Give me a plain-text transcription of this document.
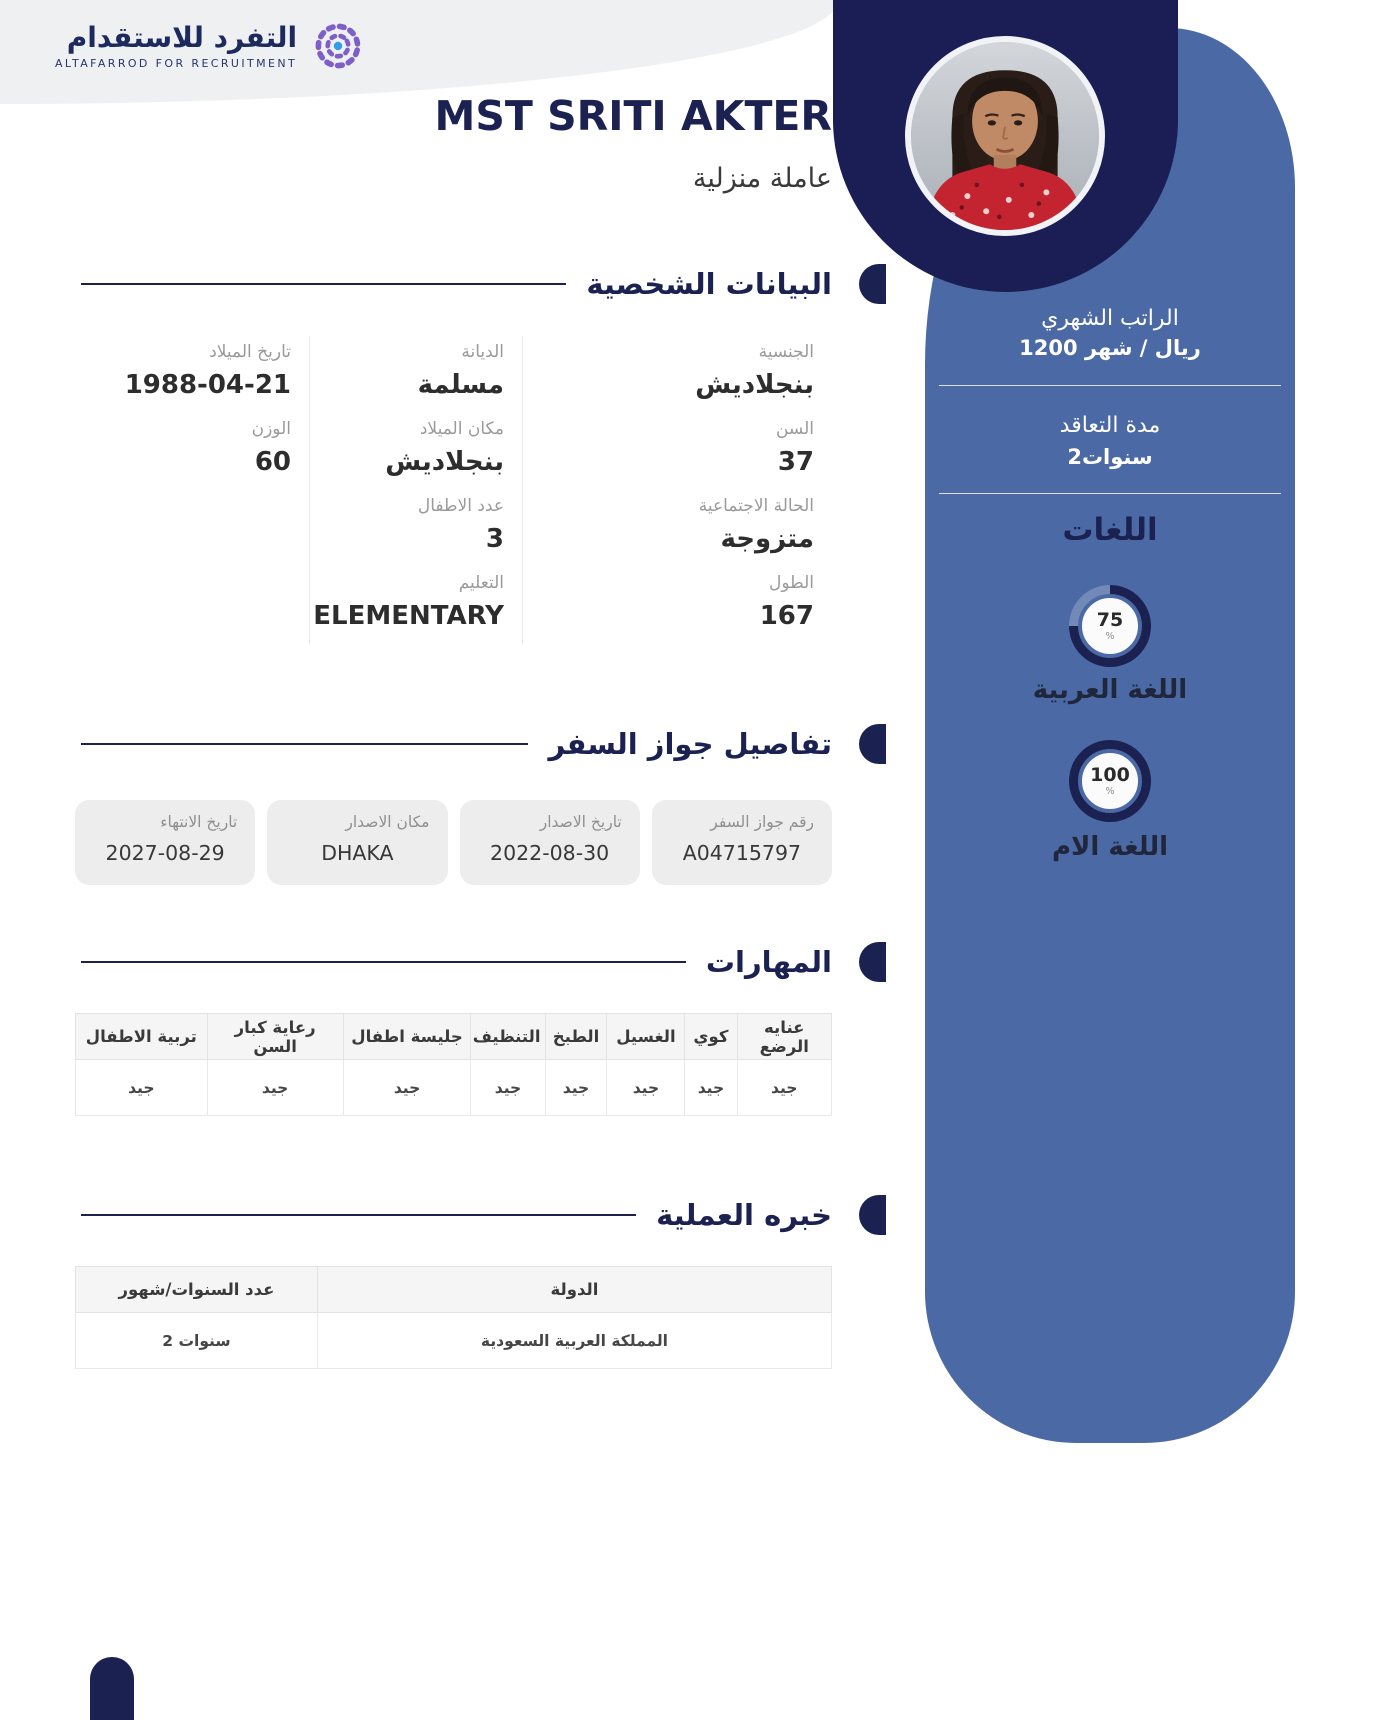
التفرد للاستقدام
ALTAFARROD FOR RECRUITMENT
الراتب الشهري
1200 ريال / شهر
مدة التعاقد
2سنوات
اللغات
75
%
اللغة العربية
100
%
اللغة الام
MST SRITI AKTER
عاملة منزلية
البيانات الشخصية
الجنسية
بنجلاديش
السن
37
الحالة الاجتماعية
متزوجة
الطول
167
الديانة
مسلمة
مكان الميلاد
بنجلاديش
عدد الاطفال
3
التعليم
ELEMENTARY
تاريخ الميلاد
1988-04-21
الوزن
60
تفاصيل جواز السفر
رقم جواز السفر
A04715797
تاريخ الاصدار
2022-08-30
مكان الاصدار
DHAKA
تاريخ الانتهاء
2027-08-29
المهارات
عنايه الرضع	كوي	الغسيل	الطبخ	التنظيف	جليسة اطفال	رعاية كبار السن	تربية الاطفال
جيد	جيد	جيد	جيد	جيد	جيد	جيد	جيد
خبره العملية
الدولة	عدد السنوات/شهور
المملكة العربية السعودية	2 سنوات
